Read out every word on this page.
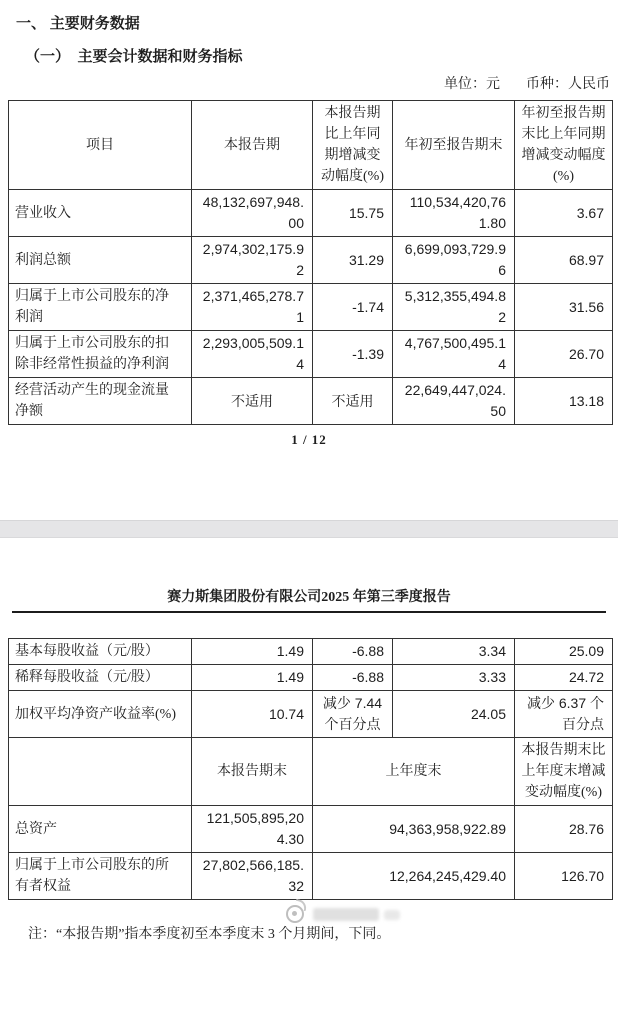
一、 主要财务数据
（一）  主要会计数据和财务指标
单位：元 币种：人民币
项目	本报告期	本报告期比上年同期增减变动幅度(%)	年初至报告期末	年初至报告期末比上年同期增减变动幅度(%)
营业收入	48,132,697,948.00	15.75	110,534,420,761.80	3.67
利润总额	2,974,302,175.92	31.29	6,699,093,729.96	68.97
归属于上市公司股东的净利润	2,371,465,278.71	-1.74	5,312,355,494.82	31.56
归属于上市公司股东的扣除非经常性损益的净利润	2,293,005,509.14	-1.39	4,767,500,495.14	26.70
经营活动产生的现金流量净额	不适用	不适用	22,649,447,024.50	13.18
1 / 12
赛力斯集团股份有限公司2025 年第三季度报告
基本每股收益（元/股）	1.49	-6.88	3.34	25.09
稀释每股收益（元/股）	1.49	-6.88	3.33	24.72
加权平均净资产收益率(%)	10.74	减少 7.44 个百分点	24.05	减少 6.37 个百分点
	本报告期末	上年度末		本报告期末比上年度末增减变动幅度(%)
总资产	121,505,895,204.30	94,363,958,922.89		28.76
归属于上市公司股东的所有者权益	27,802,566,185.32	12,264,245,429.40		126.70

注：“本报告期”指本季度初至本季度末 3 个月期间，下同。
